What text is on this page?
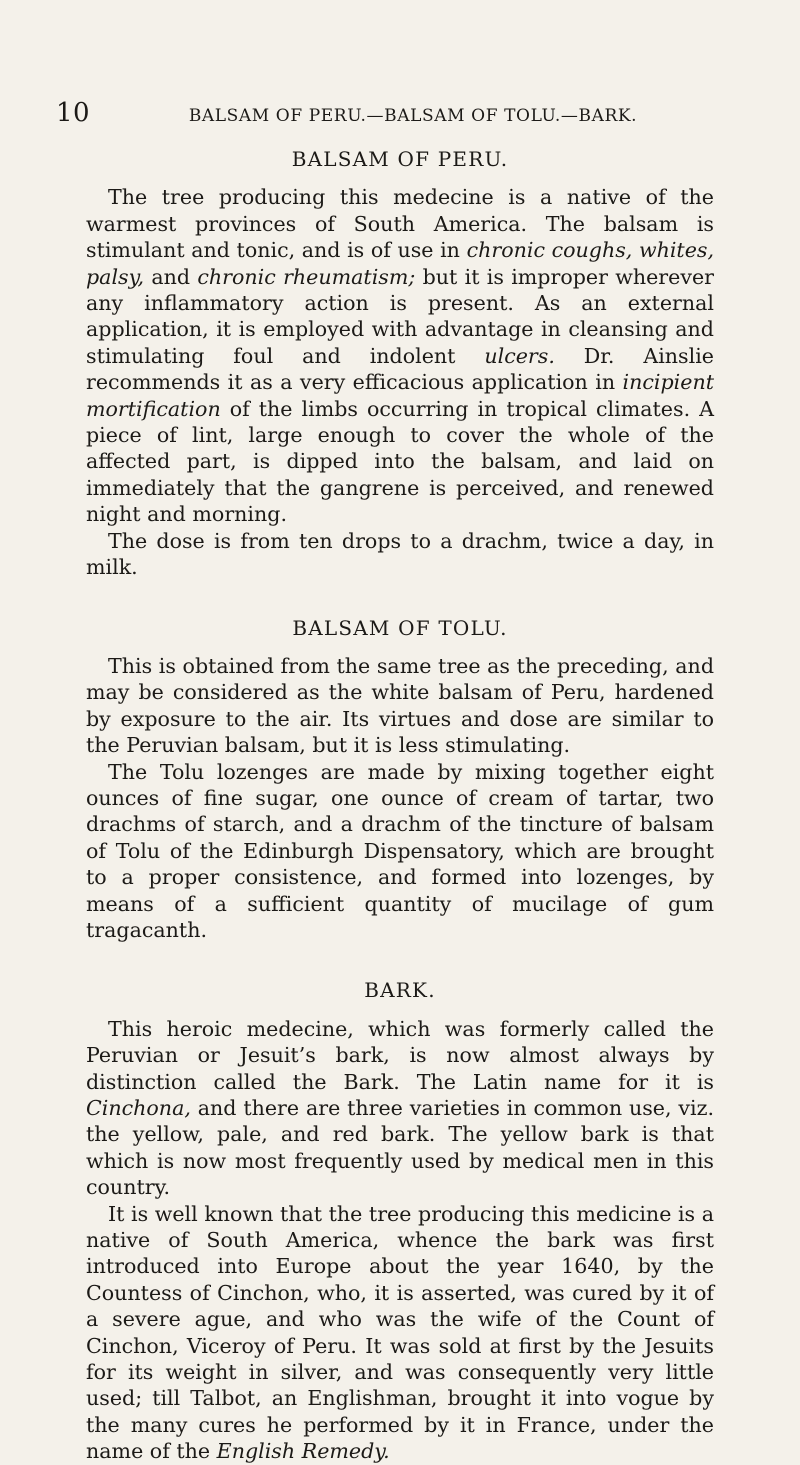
10	BALSAM OF PERU.—BALSAM OF TOLU.—BARK.
BALSAM OF PERU.

The tree producing this medecine is a native of the warmest provinces of South America. The balsam is stimulant and tonic, and is of use in chronic coughs, whites, palsy, and chronic rheumatism; but it is improper wherever any inflammatory action is present. As an external application, it is employed with advantage in cleansing and stimulating foul and indolent ulcers. Dr. Ainslie recommends it as a very efficacious application in incipient mortification of the limbs occurring in tropical climates. A piece of lint, large enough to cover the whole of the affected part, is dipped into the balsam, and laid on immediately that the gangrene is perceived, and renewed night and morning.

The dose is from ten drops to a drachm, twice a day, in milk.

BALSAM OF TOLU.

This is obtained from the same tree as the preceding, and may be considered as the white balsam of Peru, hardened by exposure to the air. Its virtues and dose are similar to the Peruvian balsam, but it is less stimulating.

The Tolu lozenges are made by mixing together eight ounces of fine sugar, one ounce of cream of tartar, two drachms of starch, and a drachm of the tincture of balsam of Tolu of the Edinburgh Dispensatory, which are brought to a proper consistence, and formed into lozenges, by means of a sufficient quantity of mucilage of gum tragacanth.

BARK.

This heroic medecine, which was formerly called the Peruvian or Jesuit’s bark, is now almost always by distinction called the Bark. The Latin name for it is Cinchona, and there are three varieties in common use, viz. the yellow, pale, and red bark. The yellow bark is that which is now most frequently used by medical men in this country.

It is well known that the tree producing this medicine is a native of South America, whence the bark was first introduced into Europe about the year 1640, by the Countess of Cinchon, who, it is asserted, was cured by it of a severe ague, and who was the wife of the Count of Cinchon, Viceroy of Peru. It was sold at first by the Jesuits for its weight in silver, and was consequently very little used; till Talbot, an Englishman, brought it into vogue by the many cures he performed by it in France, under the name of the English Remedy.
